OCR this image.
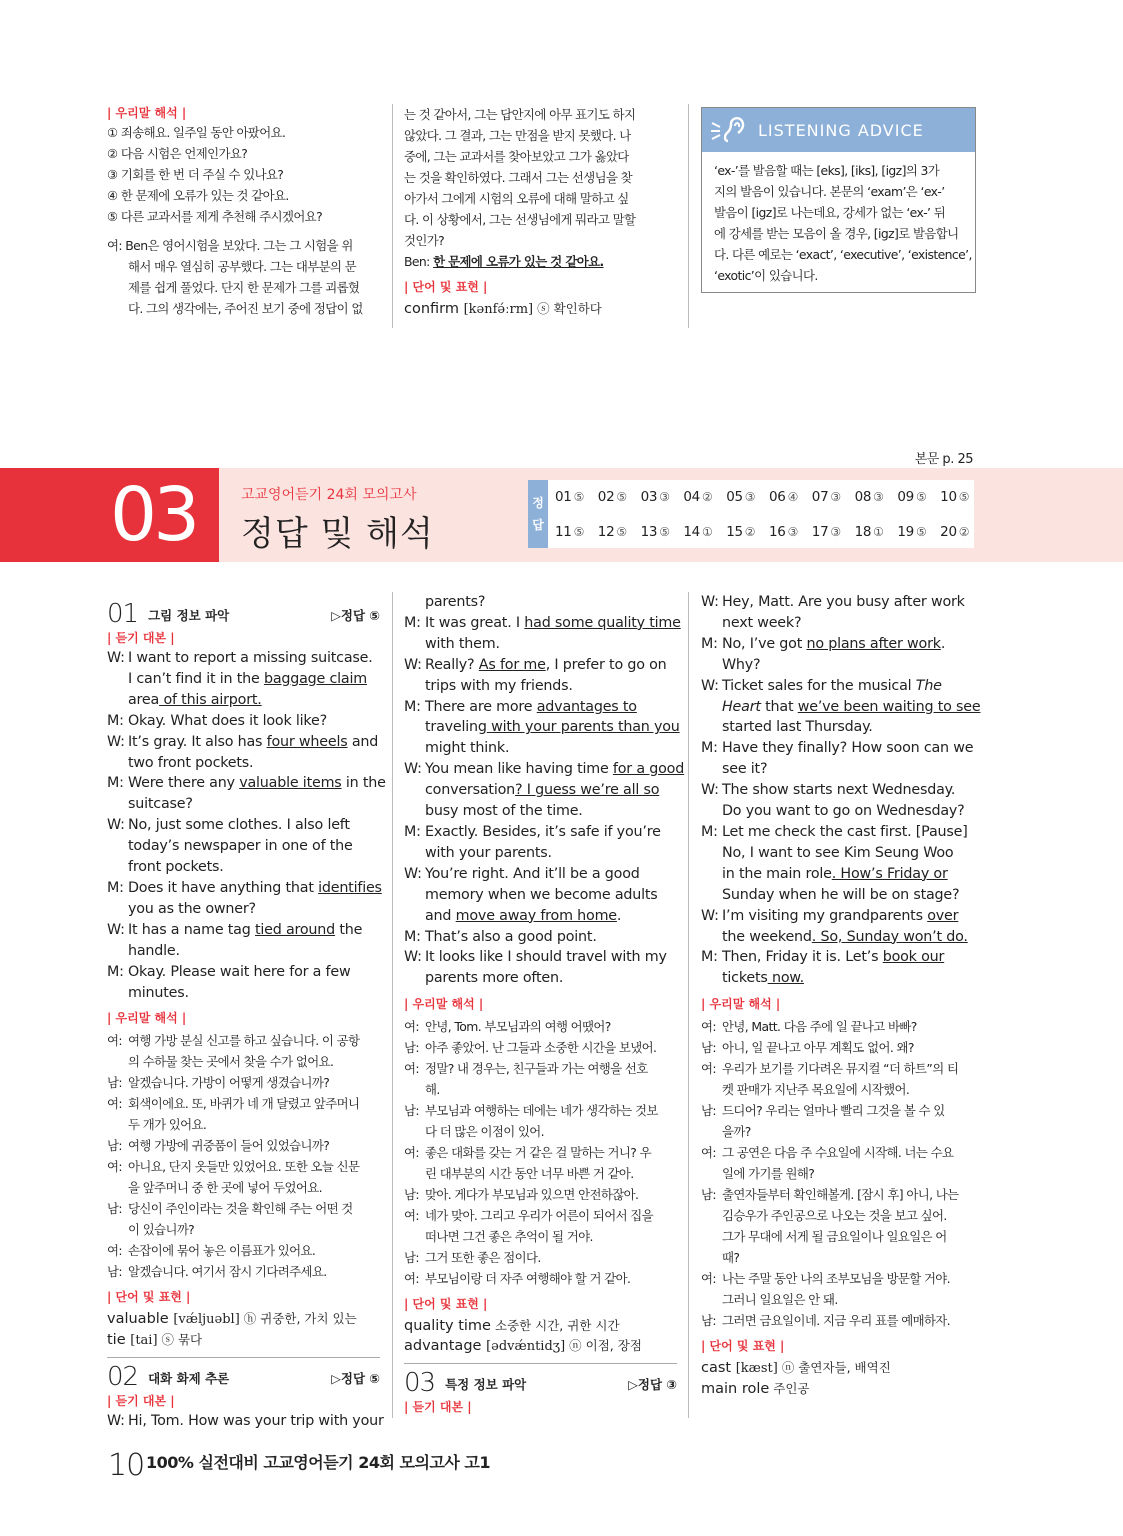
| 우리말 해석 |
① 죄송해요. 일주일 동안 아팠어요.
② 다음 시험은 언제인가요?
③ 기회를 한 번 더 주실 수 있나요?
④ 한 문제에 오류가 있는 것 같아요.
⑤ 다른 교과서를 제게 추천해 주시겠어요?
여: Ben은 영어시험을 보았다. 그는 그 시험을 위
해서 매우 열심히 공부했다. 그는 대부분의 문
제를 쉽게 풀었다. 단지 한 문제가 그를 괴롭혔
다. 그의 생각에는, 주어진 보기 중에 정답이 없
는 것 같아서, 그는 답안지에 아무 표기도 하지
않았다. 그 결과, 그는 만점을 받지 못했다. 나
중에, 그는 교과서를 찾아보았고 그가 옳았다
는 것을 확인하였다. 그래서 그는 선생님을 찾
아가서 그에게 시험의 오류에 대해 말하고 싶
다. 이 상황에서, 그는 선생님에게 뭐라고 말할
것인가?
Ben: 한 문제에 오류가 있는 것 같아요.
| 단어 및 표현 |
confirm [kənfə́ːrm] ⓢ 확인하다
LISTENING ADVICE
‘ex-’를 발음할 때는 [eks], [iks], [igz]의 3가
지의 발음이 있습니다. 본문의 ‘exam’은 ‘ex-’
발음이 [igz]로 나는데요, 강세가 없는 ‘ex-’ 뒤
에 강세를 받는 모음이 올 경우, [igz]로 발음합니
다. 다른 예로는 ‘exact’, ‘executive’, ‘existence’,
‘exotic’이 있습니다.
본문 p. 25
03	고교영어듣기 24회 모의고사
정답 및 해석
정
답
01 ⑤ 02 ⑤ 03 ③ 04 ② 05 ③ 06 ④ 07 ③ 08 ③ 09 ⑤ 10 ⑤
11 ⑤ 12 ⑤ 13 ⑤ 14 ① 15 ② 16 ③ 17 ③ 18 ① 19 ⑤ 20 ②
01 그림 정보 파악	▷정답 ⑤
| 듣기 대본 |
W:I want to report a missing suitcase.
I can’t find it in the baggage claim
area of this airport.
M:Okay. What does it look like?
W:It’s gray. It also has four wheels and
two front pockets.
M:Were there any valuable items in the
suitcase?
W:No, just some clothes. I also left
today’s newspaper in one of the
front pockets.
M:Does it have anything that identifies
you as the owner?
W:It has a name tag tied around the
handle.
M:Okay. Please wait here for a few
minutes.
| 우리말 해석 |
여:여행 가방 분실 신고를 하고 싶습니다. 이 공항
의 수하물 찾는 곳에서 찾을 수가 없어요.
남:알겠습니다. 가방이 어떻게 생겼습니까?
여:회색이에요. 또, 바퀴가 네 개 달렸고 앞주머니
두 개가 있어요.
남:여행 가방에 귀중품이 들어 있었습니까?
여:아니요, 단지 옷들만 있었어요. 또한 오늘 신문
을 앞주머니 중 한 곳에 넣어 두었어요.
남:당신이 주인이라는 것을 확인해 주는 어떤 것
이 있습니까?
여:손잡이에 묶어 놓은 이름표가 있어요.
남:알겠습니다. 여기서 잠시 기다려주세요.
| 단어 및 표현 |
valuable [vǽljuəbl] ⓗ 귀중한, 가치 있는
tie [tai] ⓢ 묶다
02 대화 화제 추론	▷정답 ⑤
| 듣기 대본 |
W:Hi, Tom. How was your trip with your
parents?
M:It was great. I had some quality time
with them.
W:Really? As for me, I prefer to go on
trips with my friends.
M:There are more advantages to
traveling with your parents than you
might think.
W:You mean like having time for a good
conversation? I guess we’re all so
busy most of the time.
M:Exactly. Besides, it’s safe if you’re
with your parents.
W:You’re right. And it’ll be a good
memory when we become adults
and move away from home.
M:That’s also a good point.
W:It looks like I should travel with my
parents more often.
| 우리말 해석 |
여:안녕, Tom. 부모님과의 여행 어땠어?
남:아주 좋았어. 난 그들과 소중한 시간을 보냈어.
여:정말? 내 경우는, 친구들과 가는 여행을 선호
해.
남:부모님과 여행하는 데에는 네가 생각하는 것보
다 더 많은 이점이 있어.
여:좋은 대화를 갖는 거 같은 걸 말하는 거니? 우
린 대부분의 시간 동안 너무 바쁜 거 같아.
남:맞아. 게다가 부모님과 있으면 안전하잖아.
여:네가 맞아. 그리고 우리가 어른이 되어서 집을
떠나면 그건 좋은 추억이 될 거야.
남:그거 또한 좋은 점이다.
여:부모님이랑 더 자주 여행해야 할 거 같아.
| 단어 및 표현 |
quality time 소중한 시간, 귀한 시간
advantage [ədvǽntidʒ] ⓝ 이점, 장점
03 특정 정보 파악	▷정답 ③
| 듣기 대본 |
W:Hey, Matt. Are you busy after work
next week?
M:No, I’ve got no plans after work.
Why?
W:Ticket sales for the musical The
Heart that we’ve been waiting to see
started last Thursday.
M:Have they finally? How soon can we
see it?
W:The show starts next Wednesday.
Do you want to go on Wednesday?
M:Let me check the cast first. [Pause]
No, I want to see Kim Seung Woo
in the main role. How’s Friday or
Sunday when he will be on stage?
W:I’m visiting my grandparents over
the weekend. So, Sunday won’t do.
M:Then, Friday it is. Let’s book our
tickets now.
| 우리말 해석 |
여:안녕, Matt. 다음 주에 일 끝나고 바빠?
남:아니, 일 끝나고 아무 계획도 없어. 왜?
여:우리가 보기를 기다려온 뮤지컬 “더 하트”의 티
켓 판매가 지난주 목요일에 시작했어.
남:드디어? 우리는 얼마나 빨리 그것을 볼 수 있
을까?
여:그 공연은 다음 주 수요일에 시작해. 너는 수요
일에 가기를 원해?
남:출연자들부터 확인해볼게. [잠시 후] 아니, 나는
김승우가 주인공으로 나오는 것을 보고 싶어.
그가 무대에 서게 될 금요일이나 일요일은 어
때?
여:나는 주말 동안 나의 조부모님을 방문할 거야.
그러니 일요일은 안 돼.
남:그러면 금요일이네. 지금 우리 표를 예매하자.
| 단어 및 표현 |
cast [kæst] ⓝ 출연자들, 배역진
main role 주인공
10 100% 실전대비 고교영어듣기 24회 모의고사 고1
